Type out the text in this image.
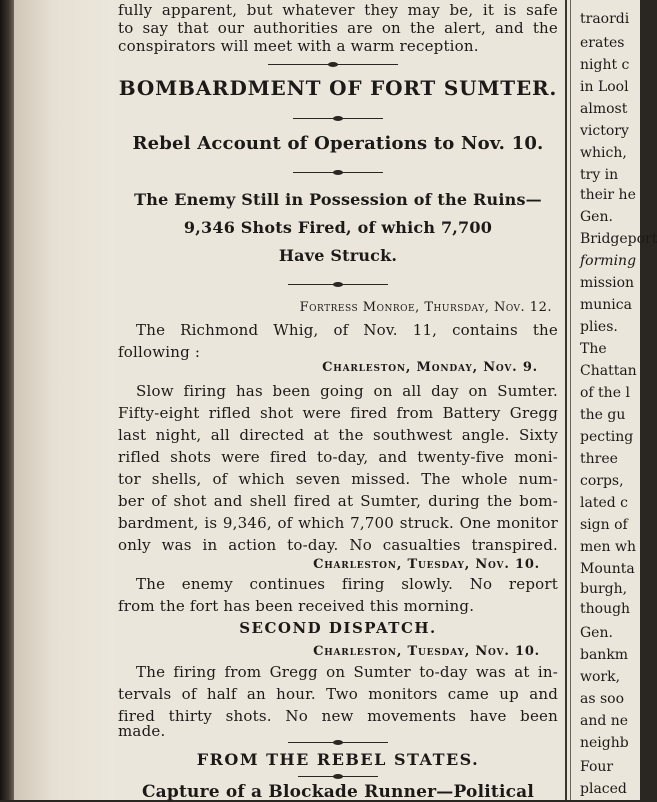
fully apparent, but whatever they may be, it is safe
to say that our authorities are on the alert, and the
conspirators will meet with a warm reception.
BOMBARDMENT OF FORT SUMTER.
Rebel Account of Operations to Nov. 10.
The Enemy Still in Possession of the Ruins—
9,346 Shots Fired, of which 7,700
Have Struck.
Fortress Monroe, Thursday, Nov. 12.
The Richmond Whig, of Nov. 11, contains the
following :
Charleston, Monday, Nov. 9.
Slow firing has been going on all day on Sumter.
Fifty-eight rifled shot were fired from Battery Gregg
last night, all directed at the southwest angle. Sixty
rifled shots were fired to-day, and twenty-five moni-
tor shells, of which seven missed. The whole num-
ber of shot and shell fired at Sumter, during the bom-
bardment, is 9,346, of which 7,700 struck. One monitor
only was in action to-day. No casualties transpired.
Charleston, Tuesday, Nov. 10.
The enemy continues firing slowly. No report
from the fort has been received this morning.
SECOND DISPATCH.
Charleston, Tuesday, Nov. 10.
The firing from Gregg on Sumter to-day was at in-
tervals of half an hour. Two monitors came up and
fired thirty shots. No new movements have been
made.
FROM THE REBEL STATES.
Capture of a Blockade Runner—Political
traordi
erates
night c
in Lool
almost
victory
which,
try in
their he
Gen.
Bridgeport
forming
mission
munica
plies.
The
Chattan
of the l
the gu
pecting
three
corps,
lated c
sign of
men wh
Mounta
burgh,
though
Gen.
bankm
work,
as soo
and ne
neighb
Four
placed
